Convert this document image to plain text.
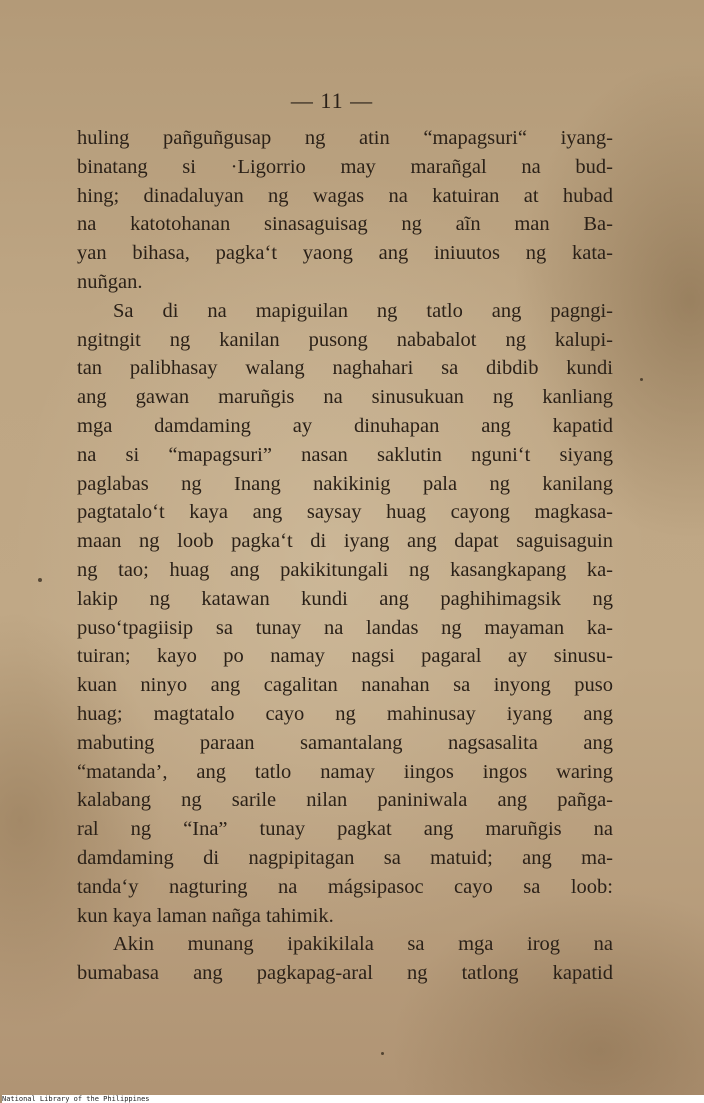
— 11 —
huling pañguñgusap ng atin “mapagsuri“ iyang-
binatang si ·Ligorrio may marañgal na bud-
hing; dinadaluyan ng wagas na katuiran at hubad
na katotohanan sinasaguisag ng aĩn man Ba-
yan bihasa, pagka‘t yaong ang iniuutos ng kata-
nuñgan.
Sa di na mapiguilan ng tatlo ang pagngi-
ngitngit ng kanilan pusong nababalot ng kalupi-
tan palibhasay walang naghahari sa dibdib kundi
ang gawan maruñgis na sinusukuan ng kanliang
mga damdaming ay dinuhapan ang kapatid
na si “mapagsuri” nasan saklutin nguni‘t siyang
paglabas ng Inang nakikinig pala ng kanilang
pagtatalo‘t kaya ang saysay huag cayong magkasa-
maan ng loob pagka‘t di iyang ang dapat saguisaguin
ng tao; huag ang pakikitungali ng kasangkapang ka-
lakip ng katawan kundi ang paghihimagsik ng
puso‘tpagiisip sa tunay na landas ng mayaman ka-
tuiran; kayo po namay nagsi pagaral ay sinusu-
kuan ninyo ang cagalitan nanahan sa inyong puso
huag; magtatalo cayo ng mahinusay iyang ang
mabuting paraan samantalang nagsasalita ang
“matanda’, ang tatlo namay iingos ingos waring
kalabang ng sarile nilan paniniwala ang pañga-
ral ng “Ina” tunay pagkat ang maruñgis na
damdaming di nagpipitagan sa matuid; ang ma-
tanda‘y nagturing na mágsipasoc cayo sa loob:
kun kaya laman nañga tahimik.
Akin munang ipakikilala sa mga irog na
bumabasa ang pagkapag-aral ng tatlong kapatid
National Library of the Philippines
